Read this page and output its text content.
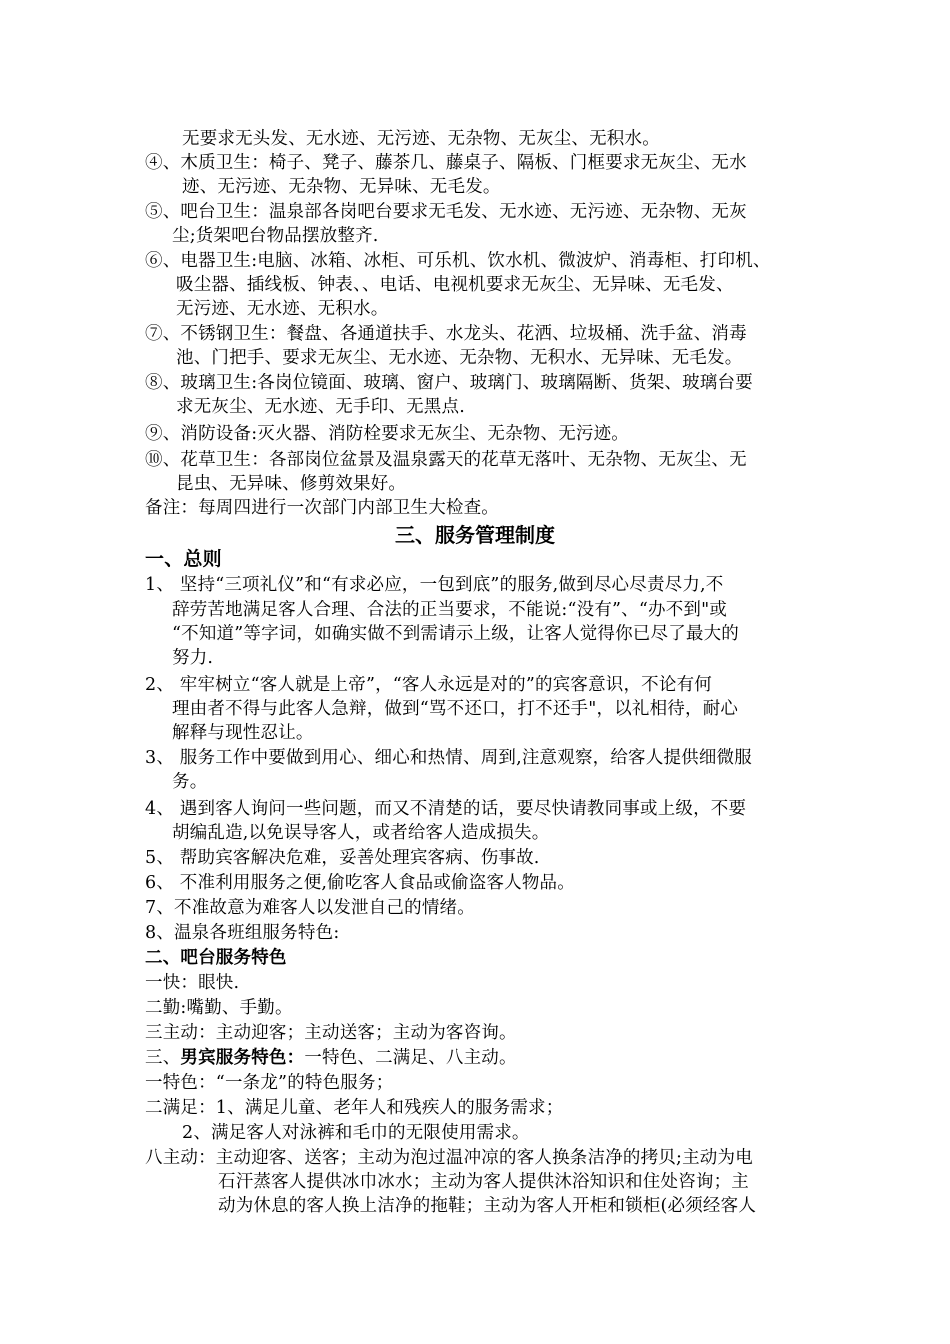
无要求无头发、无水迹、无污迹、无杂物、无灰尘、无积水。
④、木质卫生：椅子、凳子、藤茶几、藤桌子、隔板、门框要求无灰尘、无水
迹、无污迹、无杂物、无异味、无毛发。
⑤、吧台卫生：温泉部各岗吧台要求无毛发、无水迹、无污迹、无杂物、无灰
尘;货架吧台物品摆放整齐.
⑥、电器卫生:电脑、冰箱、冰柜、可乐机、饮水机、微波炉、消毒柜、打印机、
吸尘器、插线板、钟表、、电话、电视机要求无灰尘、无异味、无毛发、
无污迹、无水迹、无积水。
⑦、不锈钢卫生：餐盘、各通道扶手、水龙头、花洒、垃圾桶、洗手盆、消毒
池、门把手、要求无灰尘、无水迹、无杂物、无积水、无异味、无毛发。
⑧、玻璃卫生:各岗位镜面、玻璃、窗户、玻璃门、玻璃隔断、货架、玻璃台要
求无灰尘、无水迹、无手印、无黑点.
⑨、消防设备:灭火器、消防栓要求无灰尘、无杂物、无污迹。
⑩、花草卫生：各部岗位盆景及温泉露天的花草无落叶、无杂物、无灰尘、无
昆虫、无异味、修剪效果好。
备注：每周四进行一次部门内部卫生大检查。
三、服务管理制度
一、总则
1、 坚持“三项礼仪”和“有求必应，一包到底”的服务,做到尽心尽责尽力,不
辞劳苦地满足客人合理、合法的正当要求，不能说:“没有”、“办不到"或
“不知道”等字词，如确实做不到需请示上级，让客人觉得你已尽了最大的
努力.
2、 牢牢树立“客人就是上帝”，“客人永远是对的”的宾客意识，不论有何
理由者不得与此客人急辩，做到“骂不还口，打不还手"，以礼相待，耐心
解释与现性忍让。
3、 服务工作中要做到用心、细心和热情、周到,注意观察，给客人提供细微服
务。
4、 遇到客人询问一些问题，而又不清楚的话，要尽快请教同事或上级，不要
胡编乱造,以免误导客人，或者给客人造成损失。
5、 帮助宾客解决危难，妥善处理宾客病、伤事故.
6、 不准利用服务之便,偷吃客人食品或偷盗客人物品。
7、不准故意为难客人以发泄自己的情绪。
8、温泉各班组服务特色:
二、吧台服务特色
一快：眼快.
二勤:嘴勤、手勤。
三主动：主动迎客；主动送客；主动为客咨询。
三、男宾服务特色：一特色、二满足、八主动。
一特色：“一条龙”的特色服务；
二满足：1、满足儿童、老年人和残疾人的服务需求；
2、满足客人对泳裤和毛巾的无限使用需求。
八主动：主动迎客、送客；主动为泡过温冲凉的客人换条洁净的拷贝;主动为电
石汗蒸客人提供冰巾冰水；主动为客人提供沐浴知识和住处咨询；主
动为休息的客人换上洁净的拖鞋；主动为客人开柜和锁柜(必须经客人
